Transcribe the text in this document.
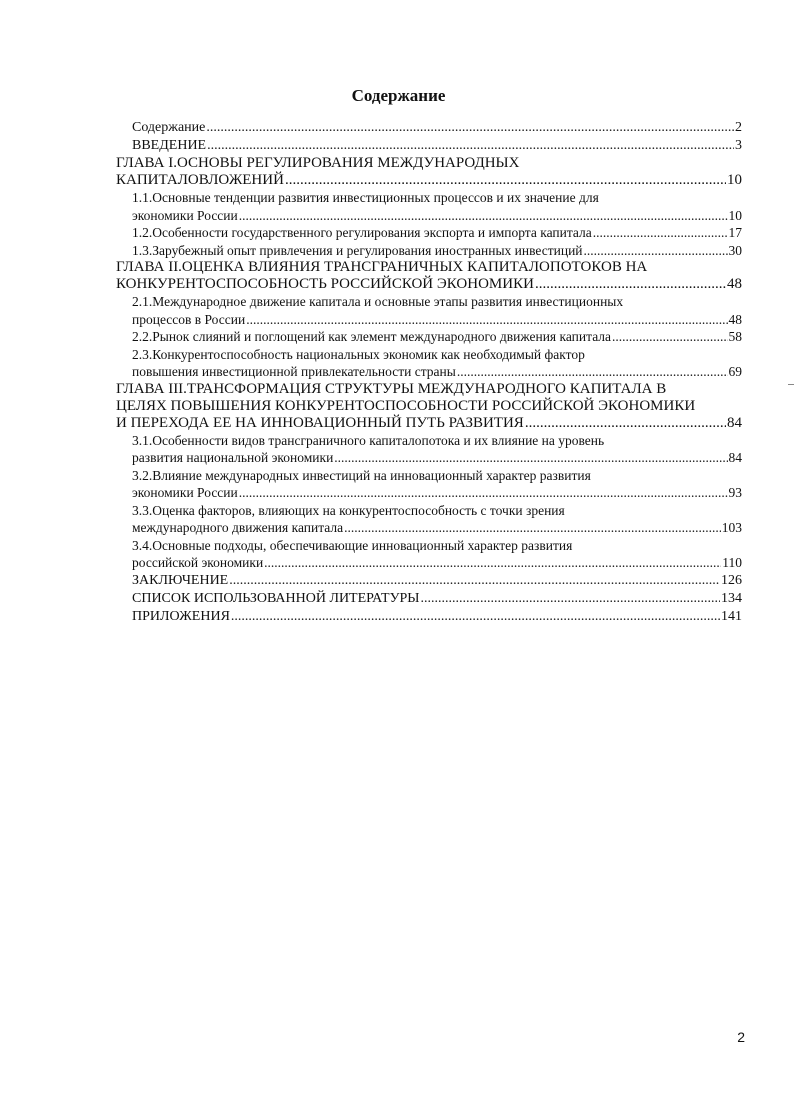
Содержание
Содержание .....	2
ВВЕДЕНИЕ .....	3
ГЛАВА I.ОСНОВЫ РЕГУЛИРОВАНИЯ МЕЖДУНАРОДНЫХ
КАПИТАЛОВЛОЖЕНИЙ .....	10
1.1.Основные тенденции развития инвестиционных процессов и их значение для
экономики России .....	10
1.2.Особенности государственного регулирования экспорта и импорта капитала .....	17
1.3.Зарубежный опыт привлечения и регулирования иностранных инвестиций .....	30
ГЛАВА II.ОЦЕНКА ВЛИЯНИЯ ТРАНСГРАНИЧНЫХ КАПИТАЛОПОТОКОВ НА
КОНКУРЕНТОСПОСОБНОСТЬ РОССИЙСКОЙ ЭКОНОМИКИ .....	48
2.1.Международное движение капитала и основные этапы развития инвестиционных
процессов в России .....	48
2.2.Рынок слияний и поглощений как элемент международного движения капитала .....	58
2.3.Конкурентоспособность национальных экономик как необходимый фактор
повышения инвестиционной привлекательности страны .....	69
ГЛАВА III.ТРАНСФОРМАЦИЯ СТРУКТУРЫ МЕЖДУНАРОДНОГО КАПИТАЛА В
ЦЕЛЯХ ПОВЫШЕНИЯ КОНКУРЕНТОСПОСОБНОСТИ РОССИЙСКОЙ ЭКОНОМИКИ
И ПЕРЕХОДА ЕЕ НА ИННОВАЦИОННЫЙ ПУТЬ РАЗВИТИЯ .....	84
3.1.Особенности видов трансграничного капиталопотока и их влияние на уровень
развития национальной экономики .....	84
3.2.Влияние международных инвестиций на инновационный характер развития
экономики России .....	93
3.3.Оценка факторов, влияющих на конкурентоспособность с точки зрения
международного движения капитала .....	103
3.4.Основные подходы, обеспечивающие инновационный характер развития
российской экономики .....	110
ЗАКЛЮЧЕНИЕ .....	126
СПИСОК ИСПОЛЬЗОВАННОЙ ЛИТЕРАТУРЫ .....	134
ПРИЛОЖЕНИЯ .....	141
2
